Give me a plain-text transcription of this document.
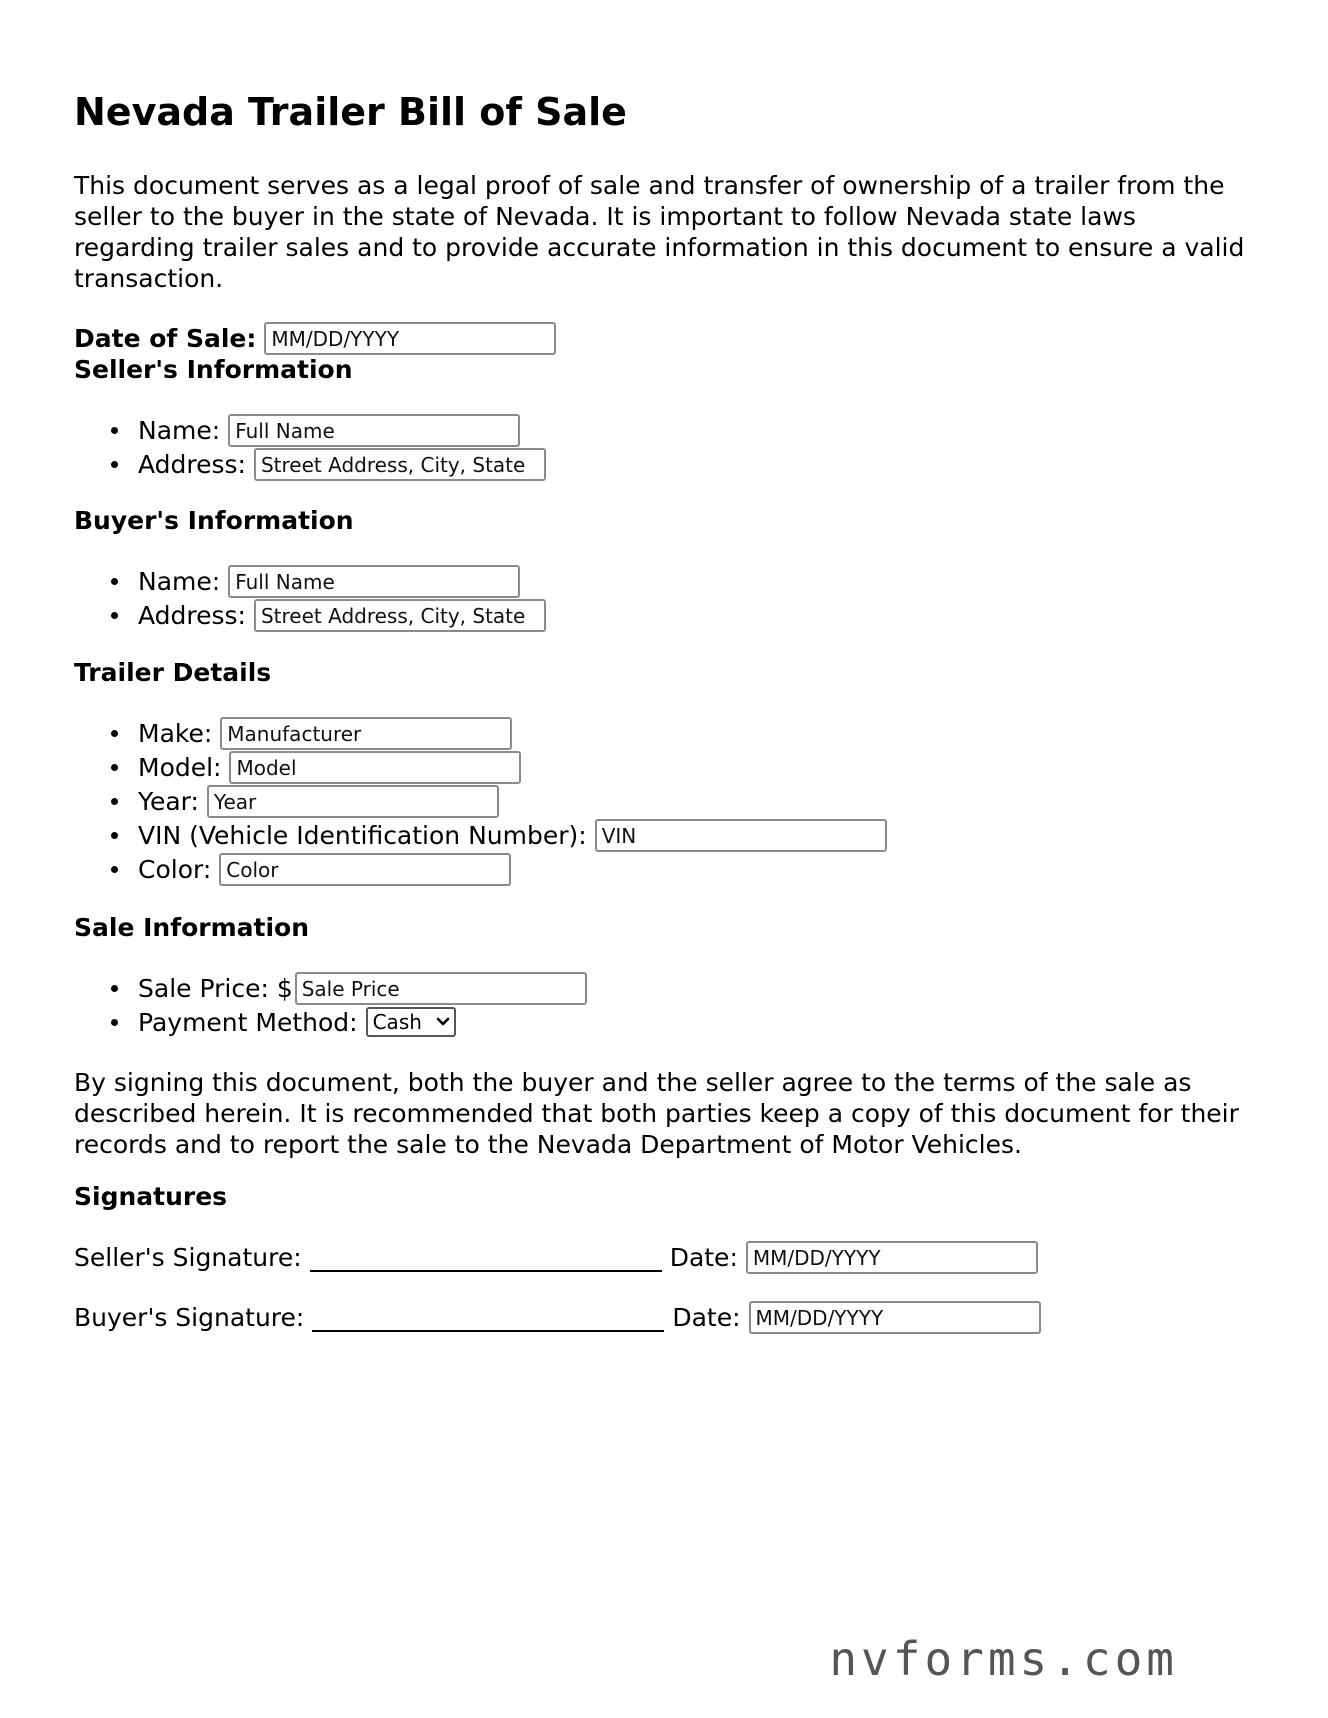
Nevada Trailer Bill of Sale

This document serves as a legal proof of sale and transfer of ownership of a trailer from the seller to the buyer in the state of Nevada. It is important to follow Nevada state laws regarding trailer sales and to provide accurate information in this document to ensure a valid transaction.

Date of Sale: MM/DD/YYYY
Seller's Information
Name: Full Name
Address: Street Address, City, State
Buyer's Information
Name: Full Name
Address: Street Address, City, State
Trailer Details
Make: Manufacturer
Model: Model
Year: Year
VIN (Vehicle Identification Number): VIN
Color: Color
Sale Information
Sale Price: $ Sale Price
Payment Method: Cash

By signing this document, both the buyer and the seller agree to the terms of the sale as described herein. It is recommended that both parties keep a copy of this document for their records and to report the sale to the Nevada Department of Motor Vehicles.

Signatures
Seller's Signature:	Date: MM/DD/YYYY
Buyer's Signature:	Date: MM/DD/YYYY
nvforms.com
